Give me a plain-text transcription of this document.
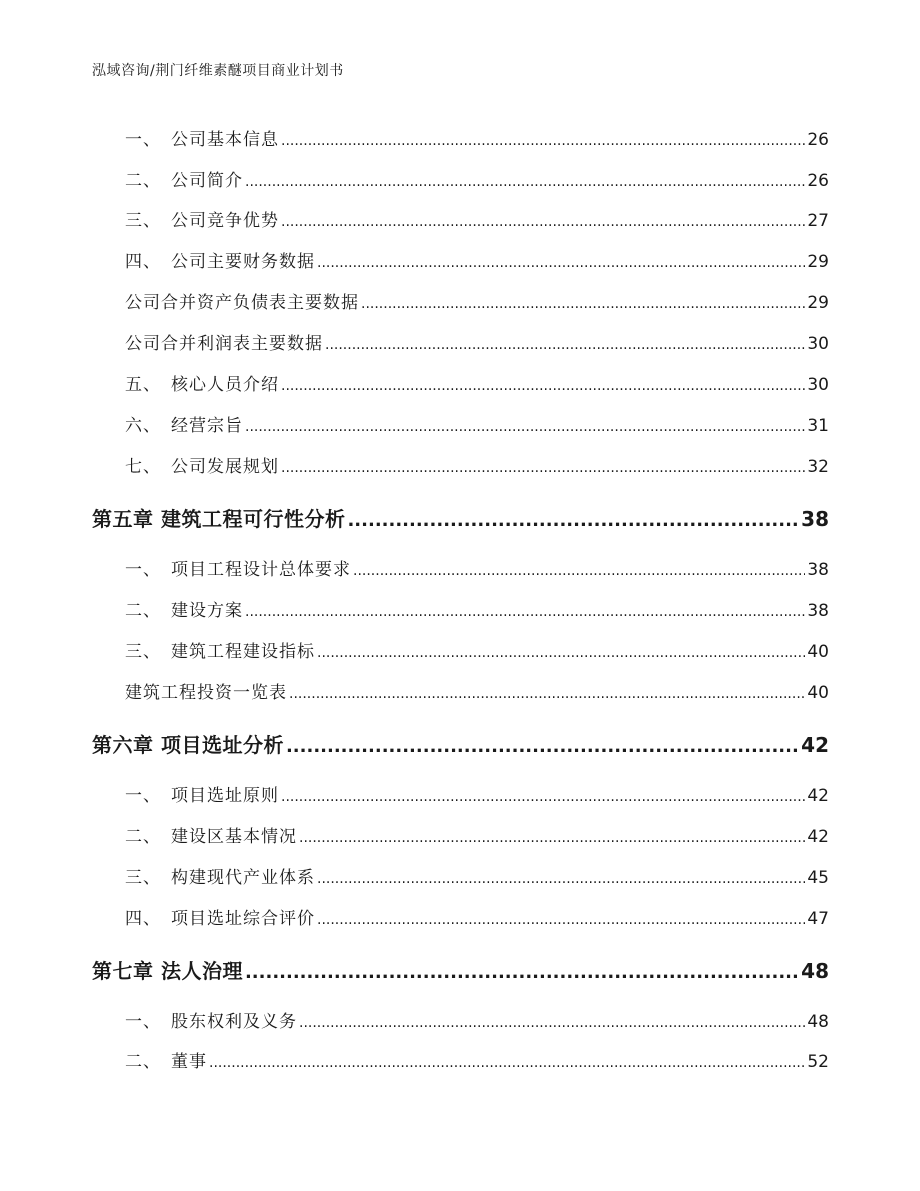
泓域咨询/荆门纤维素醚项目商业计划书
一、 公司基本信息 .....	26
二、 公司简介 .....	26
三、 公司竞争优势 .....	27
四、 公司主要财务数据 .....	29
公司合并资产负债表主要数据 .....	29
公司合并利润表主要数据 .....	30
五、 核心人员介绍 .....	30
六、 经营宗旨 .....	31
七、 公司发展规划 .....	32
第五章 建筑工程可行性分析 .....	38
一、 项目工程设计总体要求 .....	38
二、 建设方案 .....	38
三、 建筑工程建设指标 .....	40
建筑工程投资一览表 .....	40
第六章 项目选址分析 .....	42
一、 项目选址原则 .....	42
二、 建设区基本情况 .....	42
三、 构建现代产业体系 .....	45
四、 项目选址综合评价 .....	47
第七章 法人治理 .....	48
一、 股东权利及义务 .....	48
二、 董事 .....	52
